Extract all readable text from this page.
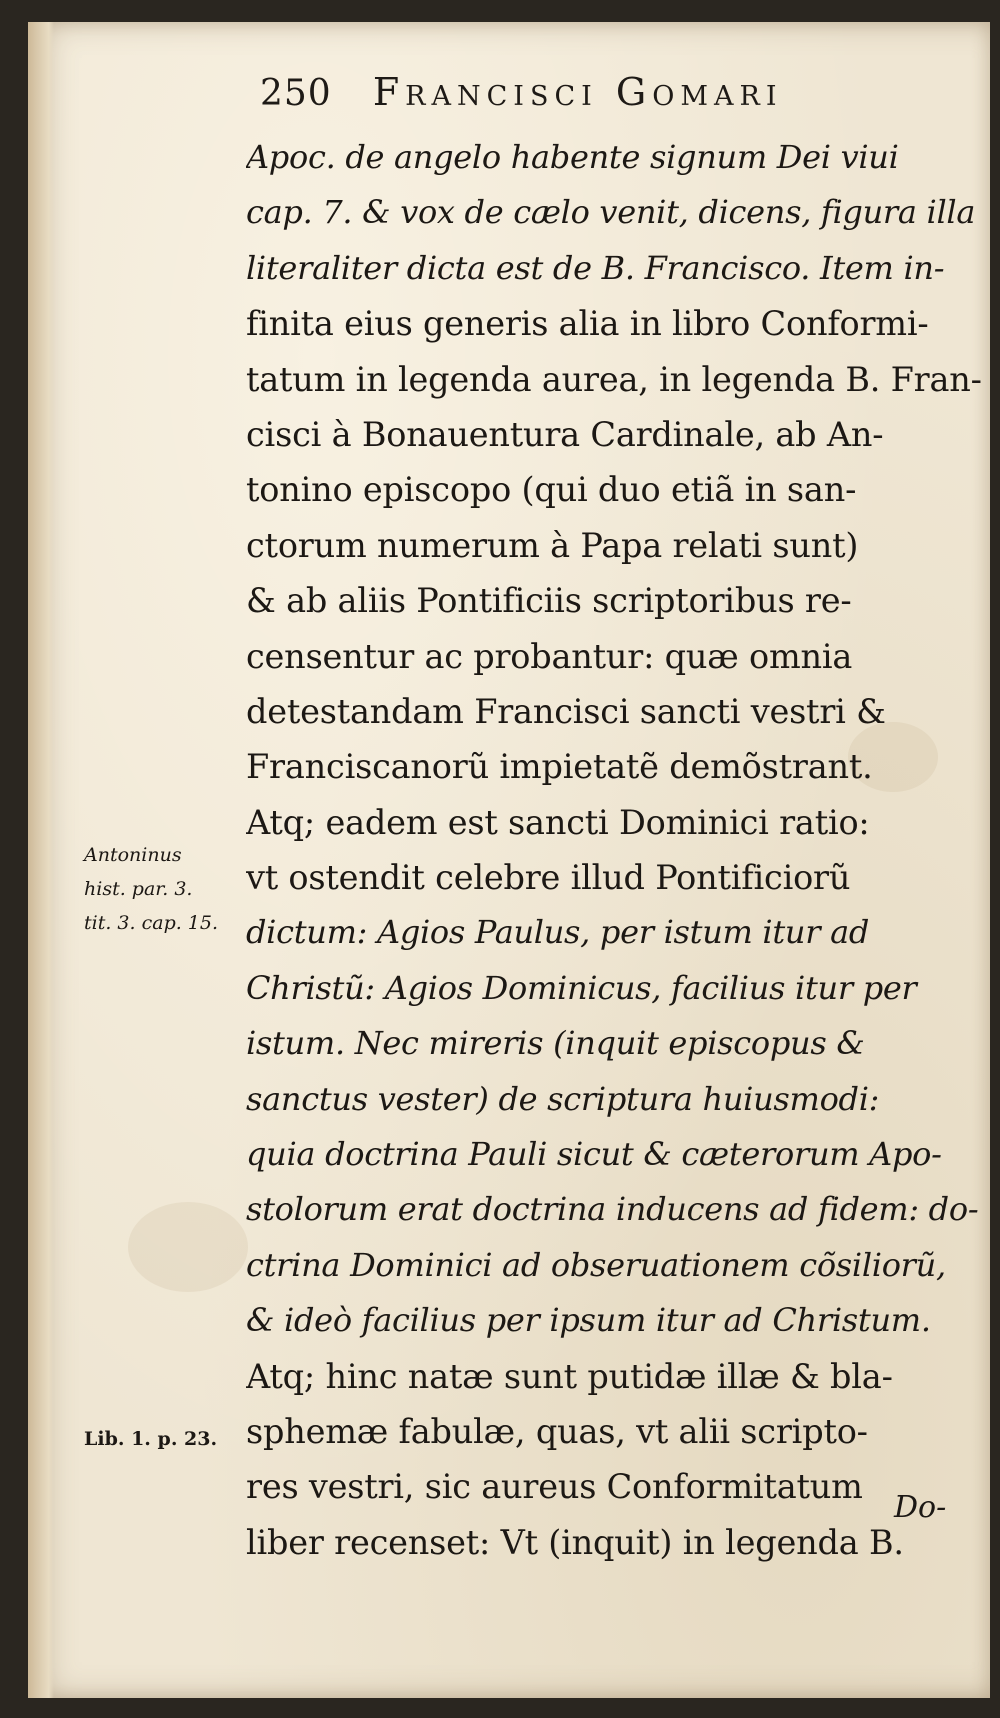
250 Francisci Gomari
Antoninus
hist. par. 3.
tit. 3. cap. 15.
Lib. 1. p. 23.
Apoc. de angelo habente signum Dei viui
cap. 7. & vox de cælo venit, dicens, figura illa
literaliter dicta est de B. Francisco. Item in-
finita eius generis alia in libro Conformi-
tatum in legenda aurea, in legenda B. Fran-
cisci à Bonauentura Cardinale, ab An-
tonino episcopo (qui duo etiã in san-
ctorum numerum à Papa relati sunt)
& ab aliis Pontificiis scriptoribus re-
censentur ac probantur: quæ omnia
detestandam Francisci sancti vestri &
Franciscanorũ impietatẽ demõstrant.
Atq; eadem est sancti Dominici ratio:
vt ostendit celebre illud Pontificiorũ
dictum: Agios Paulus, per istum itur ad
Christũ: Agios Dominicus, facilius itur per
istum. Nec mireris (inquit episcopus &
sanctus vester) de scriptura huiusmodi:
quia doctrina Pauli sicut & cæterorum Apo-
stolorum erat doctrina inducens ad fidem: do-
ctrina Dominici ad obseruationem cõsiliorũ,
& ideò facilius per ipsum itur ad Christum.
Atq; hinc natæ sunt putidæ illæ & bla-
sphemæ fabulæ, quas, vt alii scripto-
res vestri, sic aureus Conformitatum
liber recenset: Vt (inquit) in legenda B.
Do-
